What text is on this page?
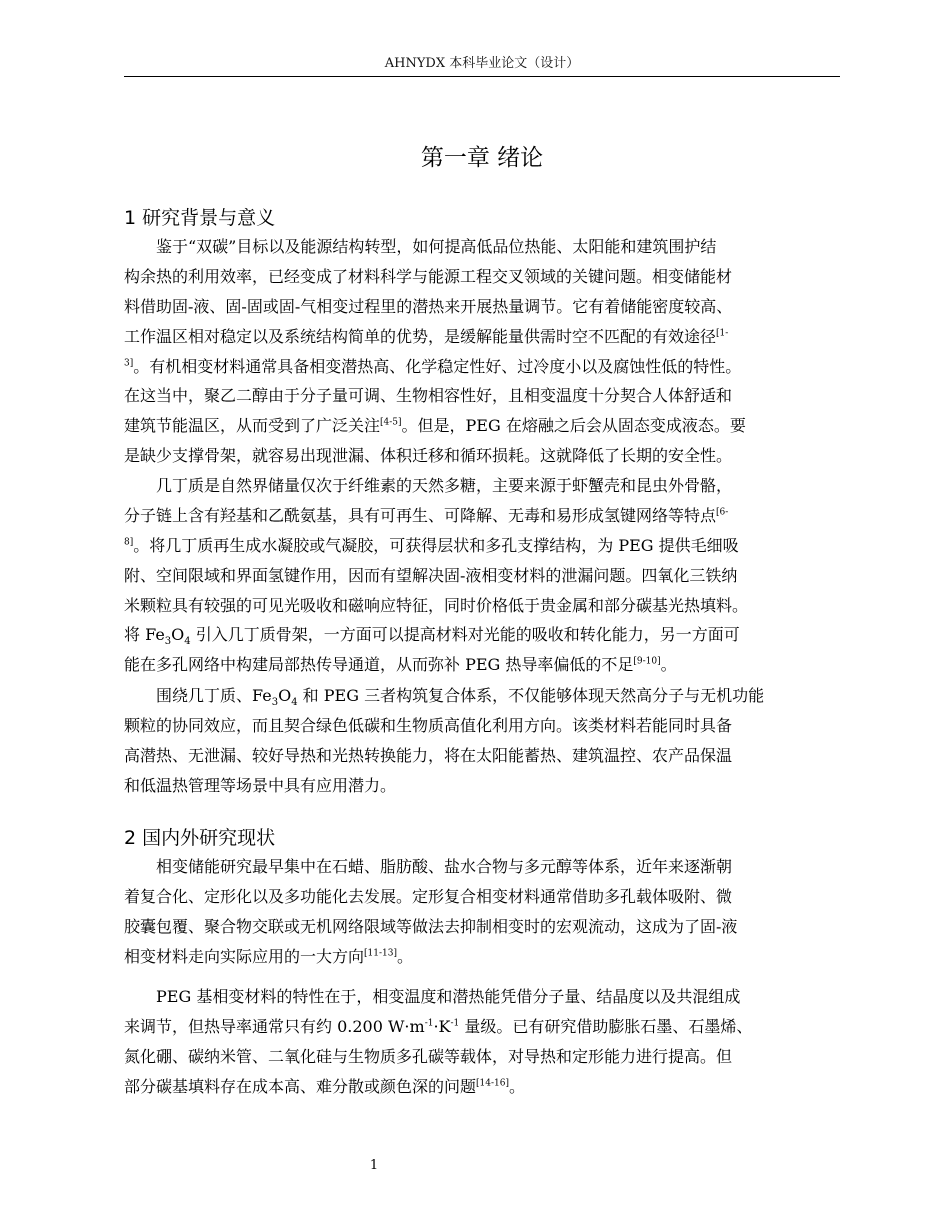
AHNYDX 本科毕业论文（设计）
第一章 绪论
1 研究背景与意义
鉴于“双碳”目标以及能源结构转型，如何提高低品位热能、太阳能和建筑围护结
构余热的利用效率，已经变成了材料科学与能源工程交叉领域的关键问题。相变储能材
料借助固-液、固-固或固-气相变过程里的潜热来开展热量调节。它有着储能密度较高、
工作温区相对稳定以及系统结构简单的优势，是缓解能量供需时空不匹配的有效途径$^{[1-}$
$^{3]}$。有机相变材料通常具备相变潜热高、化学稳定性好、过冷度小以及腐蚀性低的特性。
在这当中，聚乙二醇由于分子量可调、生物相容性好，且相变温度十分契合人体舒适和
建筑节能温区，从而受到了广泛关注[4-5]。但是，PEG 在熔融之后会从固态变成液态。要
是缺少支撑骨架，就容易出现泄漏、体积迁移和循环损耗。这就降低了长期的安全性。
几丁质是自然界储量仅次于纤维素的天然多糖，主要来源于虾蟹壳和昆虫外骨骼，
分子链上含有羟基和乙酰氨基，具有可再生、可降解、无毒和易形成氢键网络等特点$^{[6-}$
$^{8]}$。将几丁质再生成水凝胶或气凝胶，可获得层状和多孔支撑结构，为 PEG 提供毛细吸
附、空间限域和界面氢键作用，因而有望解决固-液相变材料的泄漏问题。四氧化三铁纳
米颗粒具有较强的可见光吸收和磁响应特征，同时价格低于贵金属和部分碳基光热填料。
将 $Fe_3O_4$ 引入几丁质骨架，一方面可以提高材料对光能的吸收和转化能力，另一方面可
能在多孔网络中构建局部热传导通道，从而弥补 PEG 热导率偏低的不足[9-10]。
围绕几丁质、$Fe_3O_4$ 和 PEG 三者构筑复合体系，不仅能够体现天然高分子与无机功能
颗粒的协同效应，而且契合绿色低碳和生物质高值化利用方向。该类材料若能同时具备
高潜热、无泄漏、较好导热和光热转换能力，将在太阳能蓄热、建筑温控、农产品保温
和低温热管理等场景中具有应用潜力。
2 国内外研究现状
相变储能研究最早集中在石蜡、脂肪酸、盐水合物与多元醇等体系，近年来逐渐朝
着复合化、定形化以及多功能化去发展。定形复合相变材料通常借助多孔载体吸附、微
胶囊包覆、聚合物交联或无机网络限域等做法去抑制相变时的宏观流动，这成为了固-液
相变材料走向实际应用的一大方向[11-13]。
PEG 基相变材料的特性在于，相变温度和潜热能凭借分子量、结晶度以及共混组成
来调节，但热导率通常只有约 0.200 $W\cdot m^{-1}\cdot K^{-1}$ 量级。已有研究借助膨胀石墨、石墨烯、
氮化硼、碳纳米管、二氧化硅与生物质多孔碳等载体，对导热和定形能力进行提高。但
部分碳基填料存在成本高、难分散或颜色深的问题[14-16]。
1
